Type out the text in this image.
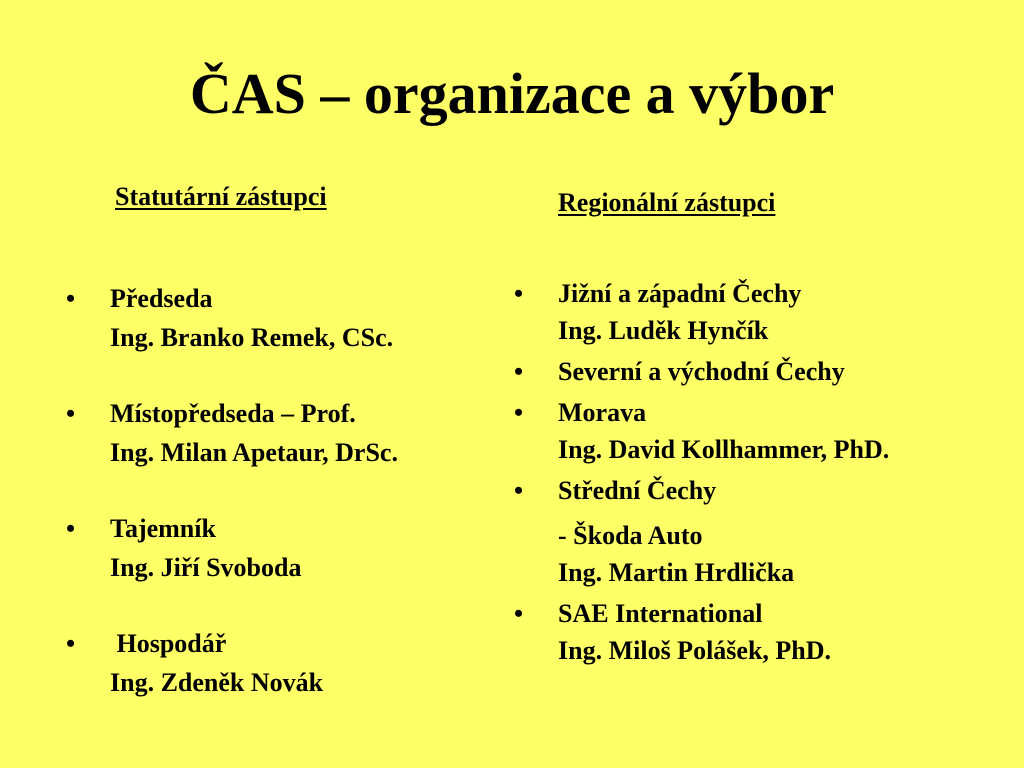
ČAS – organizace a výbor
Statutární zástupci	Regionální zástupci
•	Předseda
Ing. Branko Remek, CSc.
•	Místopředseda – Prof.
Ing. Milan Apetaur, DrSc.
•	Tajemník
Ing. Jiří Svoboda
•	Hospodář
Ing. Zdeněk Novák
•	Jižní a západní Čechy
Ing. Luděk Hynčík
•	Severní a východní Čechy
•	Morava
Ing. David Kollhammer, PhD.
•	Střední Čechy
- Škoda Auto
Ing. Martin Hrdlička
•	SAE International
Ing. Miloš Polášek, PhD.
